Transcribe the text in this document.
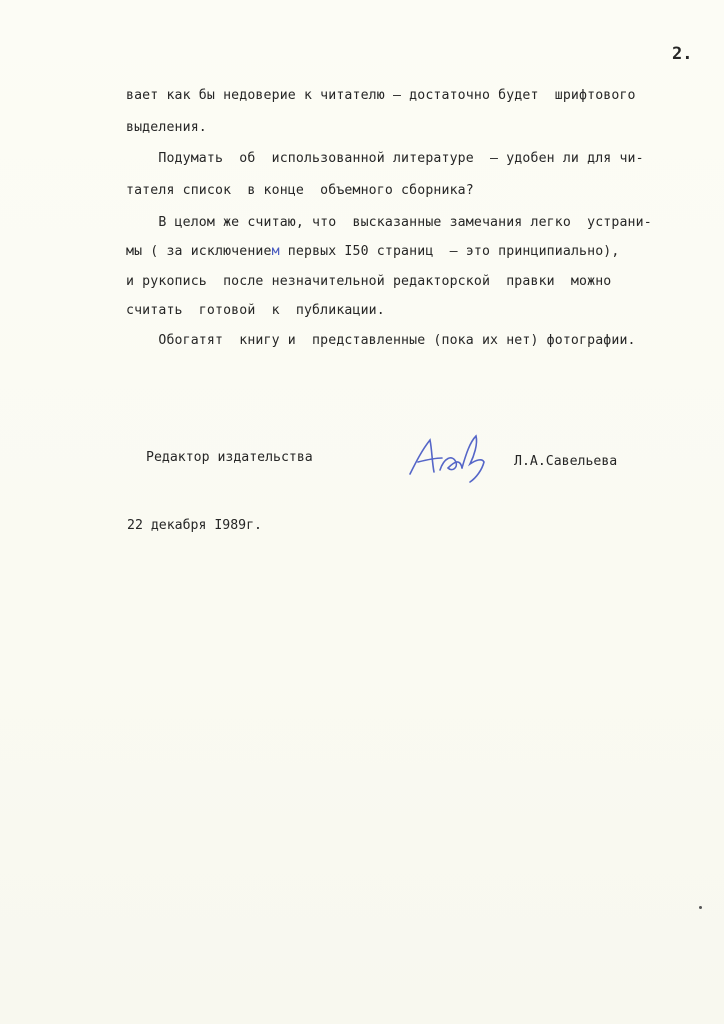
2.
вает как бы недоверие к читателю – достаточно будет  шрифтового
выделения.
Подумать  об  использованной литературе  – удобен ли для чи-
тателя список  в конце  объемного сборника?
В целом же считаю, что  высказанные замечания легко  устрани-
мы ( за исключением первых I50 страниц  – это принципиально),
и рукопись  после незначительной редакторской  правки  можно
считать  готовой  к  публикации.
Обогатят  книгу и  представленные (пока их нет) фотографии.
Редактор издательства	Л.А.Савельева
22 декабря I989г.
